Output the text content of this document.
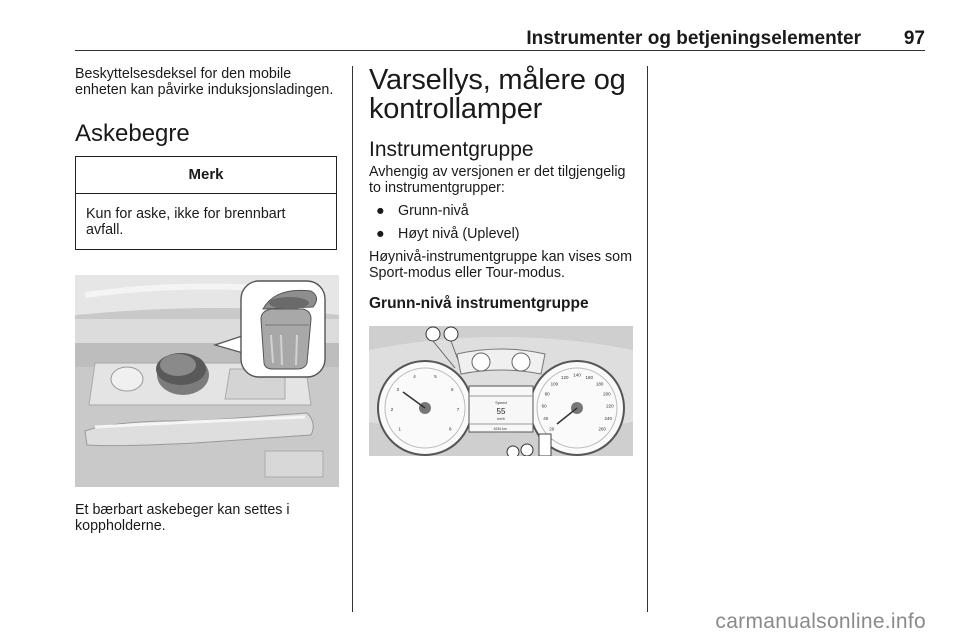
Instrumenter og betjeningselementer 97

Beskyttelsesdeksel for den mobile enheten kan påvirke induksjonsladingen.

Askebegre
Merk

Kun for aske, ikke for brennbart avfall.

Et bærbart askebeger kan settes i koppholderne.

Varsellys, målere og kontrollamper
Instrumentgruppe

Avhengig av versjonen er det tilgjengelig to instrumentgrupper:

● Grunn-nivå
● Høyt nivå (Uplevel)

Høynivå-instrumentgruppe kan vises som Sport-modus eller Tour-modus.

Grunn-nivå instrumentgruppe
Speed
55
km/h
1034 km	20
40
60
80
100
120 140 160
180
200
220
240
260
1
2
3
4	5
6
7
8
carmanualsonline.info
